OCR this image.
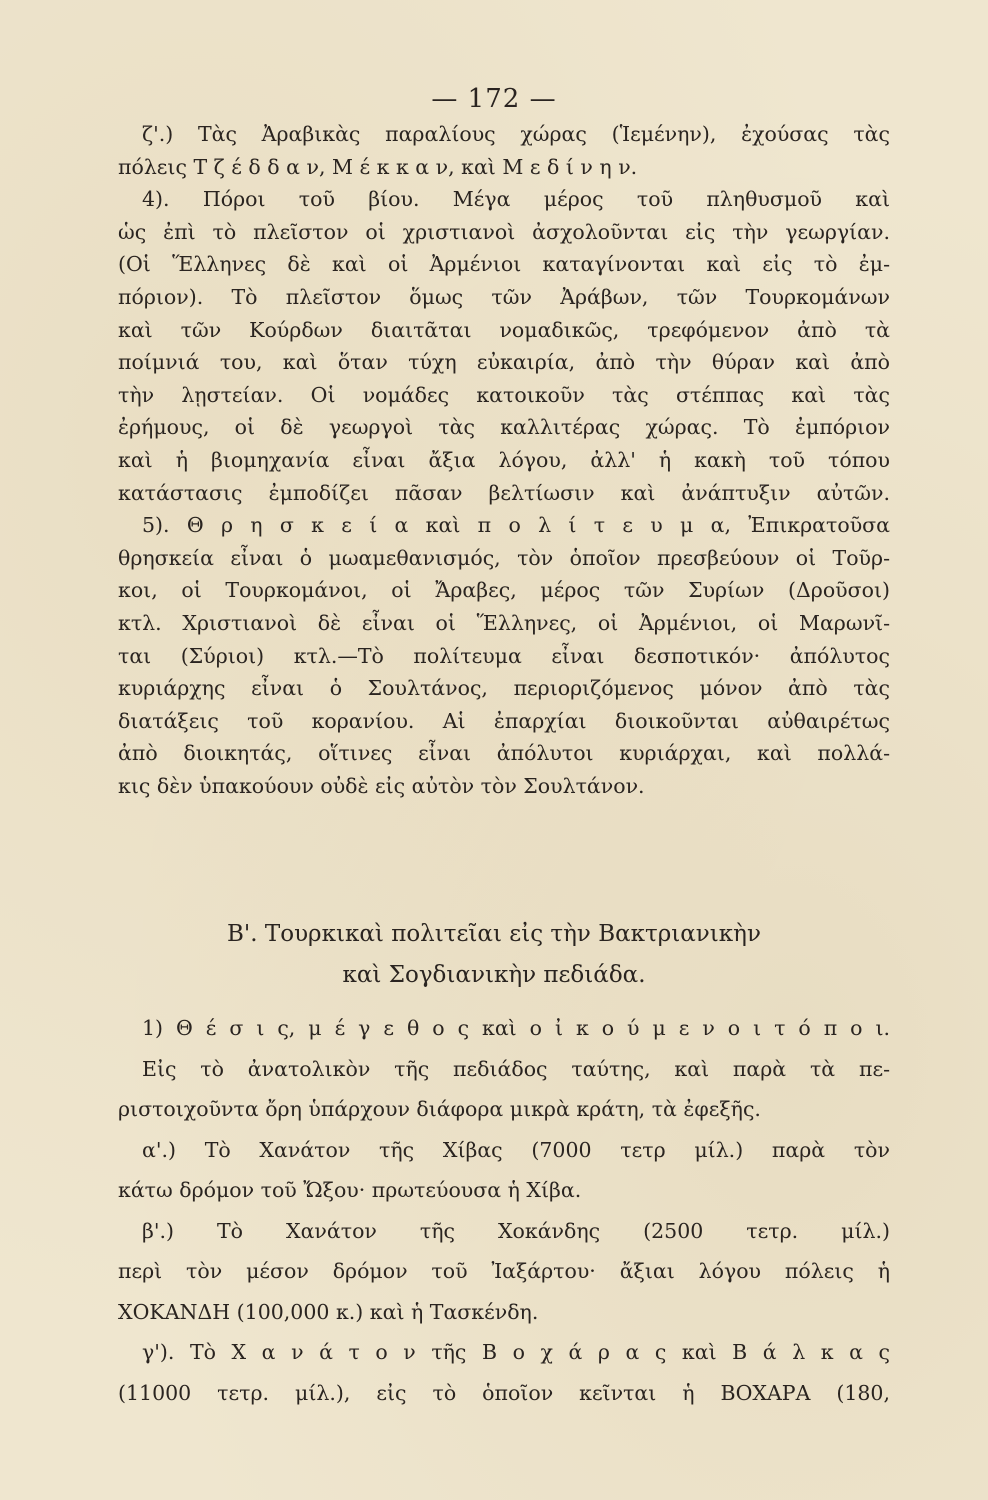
— 172 —
ζ'.) Τὰς Ἀραβικὰς παραλίους χώρας (Ἱεμένην), ἐχούσας τὰς
πόλεις Τ ζ έ δ δ α ν, Μ έ κ κ α ν, καὶ Μ ε δ ί ν η ν.
4). Πόροι τοῦ βίου. Μέγα μέρος τοῦ πληθυσμοῦ καὶ
ὡς ἐπὶ τὸ πλεῖστον οἱ χριστιανοὶ ἀσχολοῦνται εἰς τὴν γεωργίαν.
(Οἱ Ἕλληνες δὲ καὶ οἱ Ἀρμένιοι καταγίνονται καὶ εἰς τὸ ἐμ-
πόριον). Τὸ πλεῖστον ὅμως τῶν Ἀράβων, τῶν Τουρκομάνων
καὶ τῶν Κούρδων διαιτᾶται νομαδικῶς, τρεφόμενον ἀπὸ τὰ
ποίμνιά του, καὶ ὅταν τύχη εὐκαιρία, ἀπὸ τὴν θύραν καὶ ἀπὸ
τὴν λῃστείαν. Οἱ νομάδες κατοικοῦν τὰς στέππας καὶ τὰς
ἐρήμους, οἱ δὲ γεωργοὶ τὰς καλλιτέρας χώρας. Τὸ ἐμπόριον
καὶ ἡ βιομηχανία εἶναι ἄξια λόγου, ἀλλ' ἡ κακὴ τοῦ τόπου
κατάστασις ἐμποδίζει πᾶσαν βελτίωσιν καὶ ἀνάπτυξιν αὐτῶν.
5). Θ ρ η σ κ ε ί α καὶ π ο λ ί τ ε υ μ α, Ἐπικρατοῦσα
θρησκεία εἶναι ὁ μωαμεθανισμός, τὸν ὁποῖον πρεσβεύουν οἱ Τοῦρ-
κοι, οἱ Τουρκομάνοι, οἱ Ἄραβες, μέρος τῶν Συρίων (Δροῦσοι)
κτλ. Χριστιανοὶ δὲ εἶναι οἱ Ἕλληνες, οἱ Ἀρμένιοι, οἱ Μαρωνῖ-
ται (Σύριοι) κτλ.—Τὸ πολίτευμα εἶναι δεσποτικόν· ἀπόλυτος
κυριάρχης εἶναι ὁ Σουλτάνος, περιοριζόμενος μόνον ἀπὸ τὰς
διατάξεις τοῦ κορανίου. Αἱ ἐπαρχίαι διοικοῦνται αὐθαιρέτως
ἀπὸ διοικητάς, οἵτινες εἶναι ἀπόλυτοι κυριάρχαι, καὶ πολλά-
κις δὲν ὑπακούουν οὐδὲ εἰς αὐτὸν τὸν Σουλτάνον.
Β'. Τουρκικαὶ πολιτεῖαι εἰς τὴν Βακτριανικὴν
καὶ Σογδιανικὴν πεδιάδα.
1) Θ έ σ ι ς, μ έ γ ε θ ο ς καὶ ο ἰ κ ο ύ μ ε ν ο ι τ ό π ο ι.
Εἰς τὸ ἀνατολικὸν τῆς πεδιάδος ταύτης, καὶ παρὰ τὰ πε-
ριστοιχοῦντα ὄρη ὑπάρχουν διάφορα μικρὰ κράτη, τὰ ἐφεξῆς.
α'.) Τὸ Χανάτον τῆς Χίβας (7000 τετρ μίλ.) παρὰ τὸν
κάτω δρόμον τοῦ Ὤξου· πρωτεύουσα ἡ Χίβα.
β'.) Τὸ Χανάτον τῆς Χοκάνδης (2500 τετρ. μίλ.)
περὶ τὸν μέσον δρόμον τοῦ Ἰαξάρτου· ἄξιαι λόγου πόλεις ἡ
ΧΟΚΑΝΔΗ (100,000 κ.) καὶ ἡ Τασκένδη.
γ'). Τὸ Χ α ν ά τ ο ν τῆς Β ο χ ά ρ α ς καὶ Β ά λ κ α ς
(11000 τετρ. μίλ.), εἰς τὸ ὁποῖον κεῖνται ἡ ΒΟΧΑΡΑ (180,
